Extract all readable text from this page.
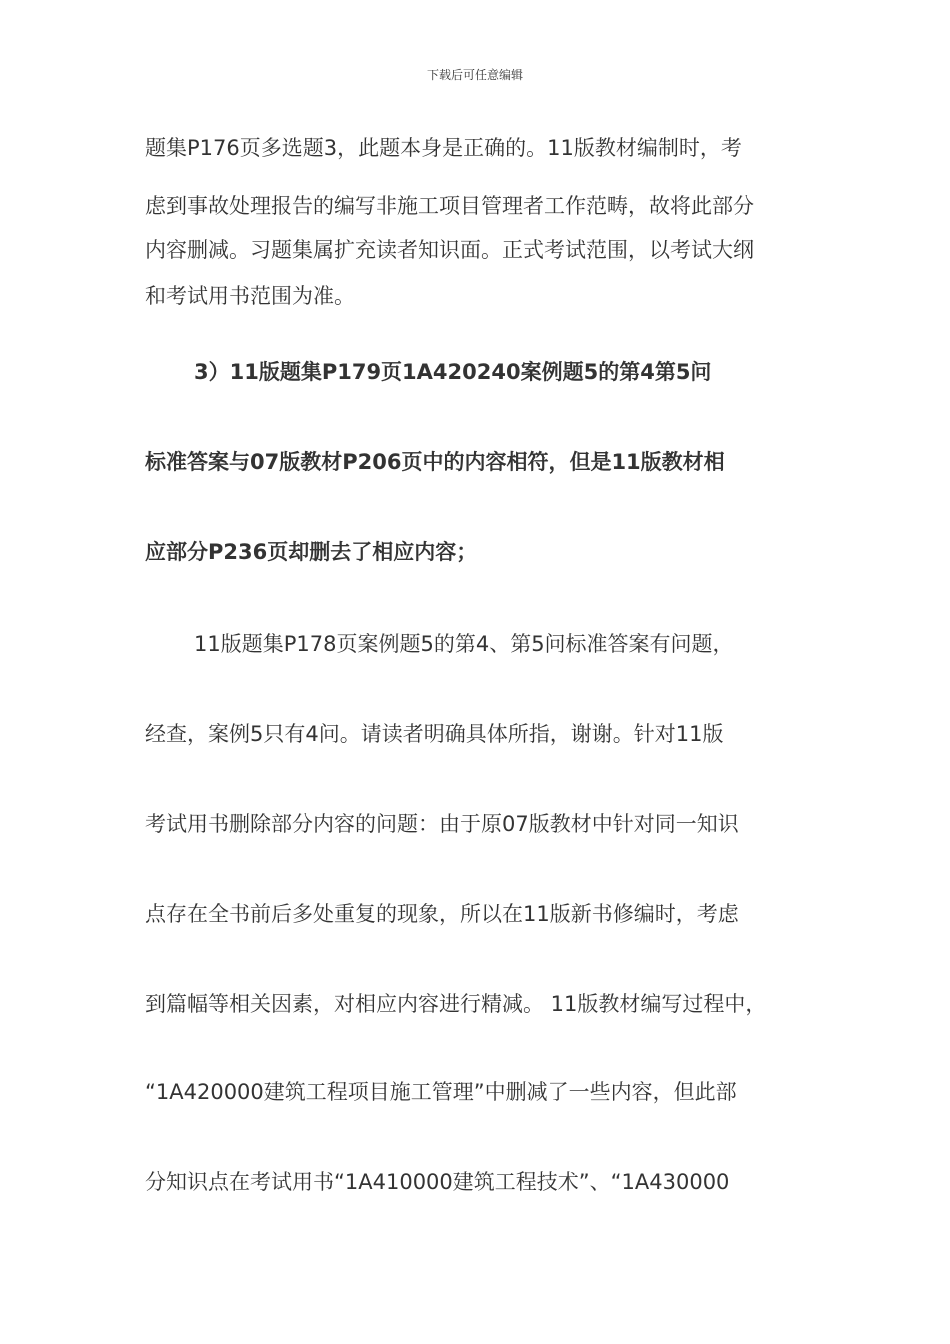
下载后可任意编辑
题集P176页多选题3，此题本身是正确的。11版教材编制时，考
虑到事故处理报告的编写非施工项目管理者工作范畴，故将此部分
内容删减。习题集属扩充读者知识面。正式考试范围，以考试大纲
和考试用书范围为准。
3）11版题集P179页1A420240案例题5的第4第5问
标准答案与07版教材P206页中的内容相符，但是11版教材相
应部分P236页却删去了相应内容；
11版题集P178页案例题5的第4、第5问标准答案有问题，
经查，案例5只有4问。请读者明确具体所指，谢谢。针对11版
考试用书删除部分内容的问题：由于原07版教材中针对同一知识
点存在全书前后多处重复的现象，所以在11版新书修编时，考虑
到篇幅等相关因素，对相应内容进行精减。 11版教材编写过程中，
“1A420000建筑工程项目施工管理”中删减了一些内容，但此部
分知识点在考试用书“1A410000建筑工程技术”、“1A430000
